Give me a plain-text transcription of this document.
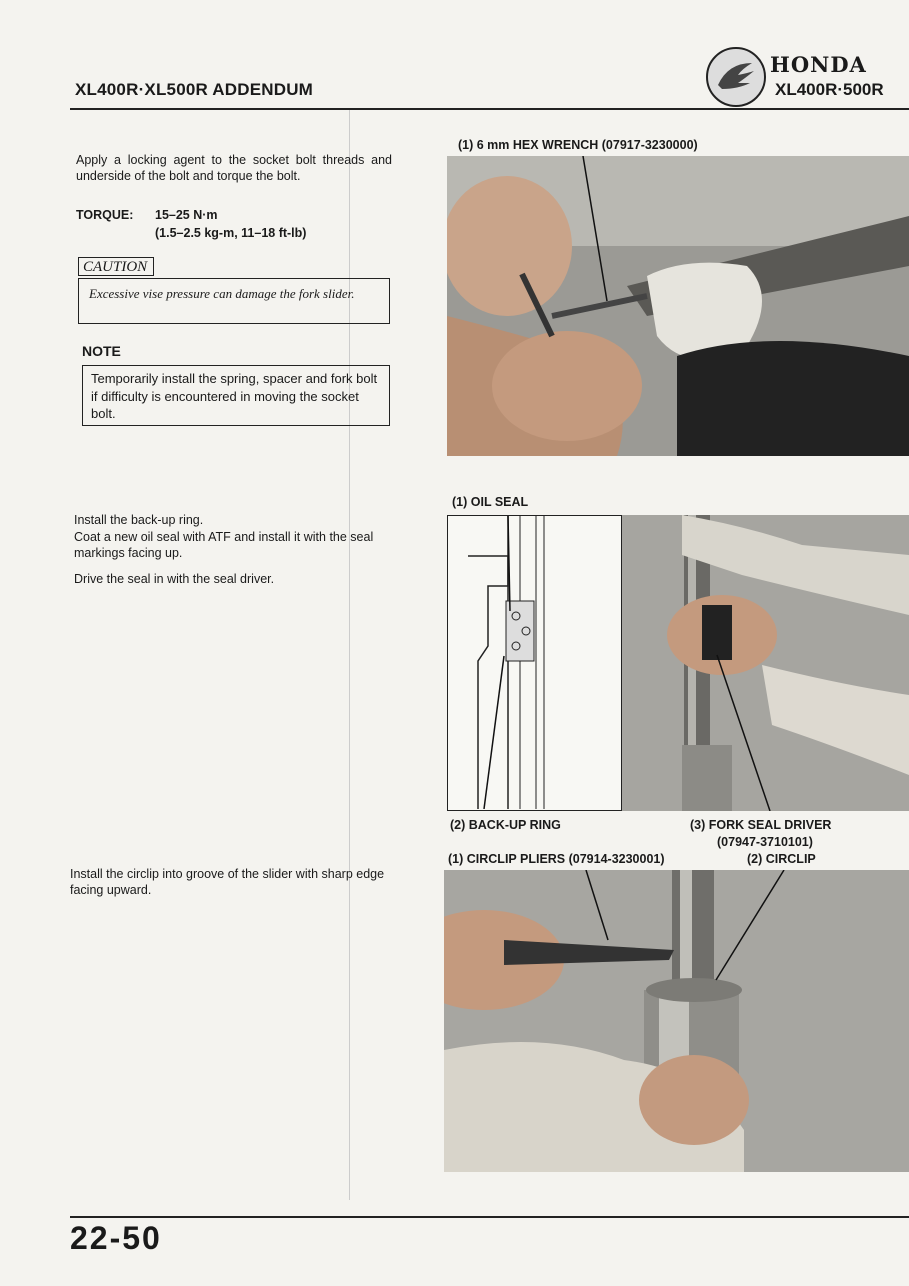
XL400R·XL500R ADDENDUM
HONDA
XL400R·500R
Apply a locking agent to the socket bolt threads and underside of the bolt and torque the bolt.
TORQUE: 15–25 N·m
(1.5–2.5 kg-m, 11–18 ft-lb)
CAUTION
Excessive vise pressure can damage the fork slider.
NOTE
Temporarily install the spring, spacer and fork bolt if difficulty is encountered in moving the socket bolt.
Install the back-up ring.
Coat a new oil seal with ATF and install it with the seal markings facing up.
Drive the seal in with the seal driver.
Install the circlip into groove of the slider with sharp edge facing upward.
(1) 6 mm HEX WRENCH (07917-3230000)
(1) OIL SEAL
(2) BACK-UP RING	(3) FORK SEAL DRIVER
(07947-3710101)
(1) CIRCLIP PLIERS (07914-3230001)	(2) CIRCLIP
22-50
